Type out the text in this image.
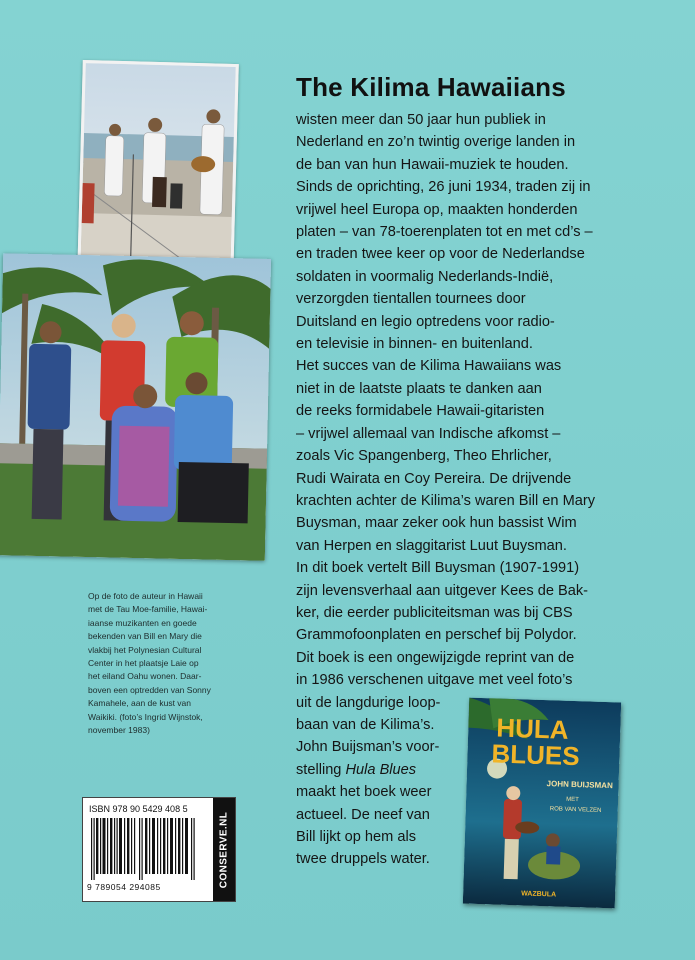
Op de foto de auteur in Hawaii
met de Tau Moe-familie, Hawai-
iaanse muzikanten en goede
bekenden van Bill en Mary die
vlakbij het Polynesian Cultural
Center in het plaatsje Laie op
het eiland Oahu wonen. Daar-
boven een optredden van Sonny
Kamahele, aan de kust van
Waikiki. (foto’s Ingrid Wijnstok,
november 1983)
The Kilima Hawaiians
wisten meer dan 50 jaar hun publiek in
Nederland en zo’n twintig overige landen in
de ban van hun Hawaii-muziek te houden.
Sinds de oprichting, 26 juni 1934, traden zij in
vrijwel heel Europa op, maakten honderden
platen – van 78-toerenplaten tot en met cd’s –
en traden twee keer op voor de Nederlandse
soldaten in voormalig Nederlands-Indië,
verzorgden tientallen tournees door
Duitsland en legio optredens voor radio-
en televisie in binnen- en buitenland.
Het succes van de Kilima Hawaiians was
niet in de laatste plaats te danken aan
de reeks formidabele Hawaii-gitaristen
– vrijwel allemaal van Indische afkomst –
zoals Vic Spangenberg, Theo Ehrlicher,
Rudi Wairata en Coy Pereira. De drijvende
krachten achter de Kilima’s waren Bill en Mary
Buysman, maar zeker ook hun bassist Wim
van Herpen en slaggitarist Luut Buysman.
In dit boek vertelt Bill Buysman (1907-1991)
zijn levensverhaal aan uitgever Kees de Bak-
ker, die eerder publiciteitsman was bij CBS
Grammofoonplaten en perschef bij Polydor.
Dit boek is een ongewijzigde reprint van de
in 1986 verschenen uitgave met veel foto’s
uit de langdurige loop-
baan van de Kilima’s.
John Buijsman’s voor-
stelling Hula Blues
maakt het boek weer
actueel. De neef van
Bill lijkt op hem als
twee druppels water.
HULA
BLUES
JOHN BUIJSMAN
MET
ROB VAN VELZEN
WAZBULA
ISBN 978 90 5429 408 5
9 789054 294085	CONSERVE.NL
